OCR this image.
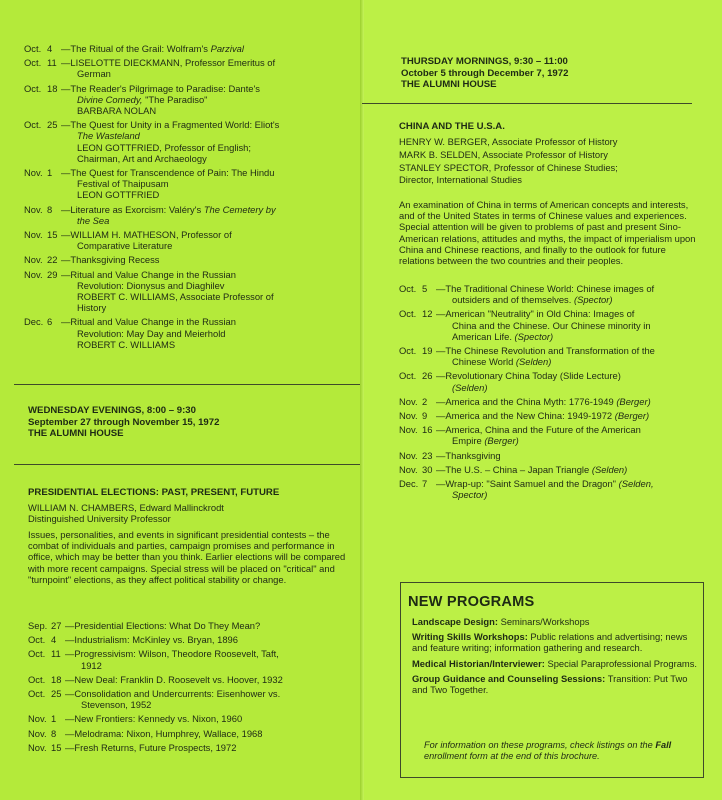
Oct. 4 —The Ritual of the Grail: Wolfram's Parzival
Oct. 11 —LISELOTTE DIECKMANN, Professor Emeritus of
German
Oct. 18 —The Reader's Pilgrimage to Paradise: Dante's
Divine Comedy, "The Paradiso"
BARBARA NOLAN
Oct. 25 —The Quest for Unity in a Fragmented World: Eliot's
The Wasteland
LEON GOTTFRIED, Professor of English;
Chairman, Art and Archaeology
Nov. 1 —The Quest for Transcendence of Pain: The Hindu
Festival of Thaipusam
LEON GOTTFRIED
Nov. 8 —Literature as Exorcism: Valéry's The Cemetery by
the Sea
Nov. 15 —WILLIAM H. MATHESON, Professor of
Comparative Literature
Nov. 22 —Thanksgiving Recess
Nov. 29 —Ritual and Value Change in the Russian
Revolution: Dionysus and Diaghilev
ROBERT C. WILLIAMS, Associate Professor of
History
Dec. 6 —Ritual and Value Change in the Russian
Revolution: May Day and Meierhold
ROBERT C. WILLIAMS
WEDNESDAY EVENINGS, 8:00 – 9:30
September 27 through November 15, 1972
THE ALUMNI HOUSE
PRESIDENTIAL ELECTIONS: PAST, PRESENT, FUTURE
WILLIAM N. CHAMBERS, Edward Mallinckrodt
Distinguished University Professor
Issues, personalities, and events in significant presidential contests – the combat of individuals and parties, campaign promises and performance in office, which may be better than you think. Earlier elections will be compared with more recent campaigns. Special stress will be placed on "critical" and "turnpoint" elections, as they affect political stability or change.
Sep. 27 —Presidential Elections: What Do They Mean?
Oct. 4 —Industrialism: McKinley vs. Bryan, 1896
Oct. 11 —Progressivism: Wilson, Theodore Roosevelt, Taft,
1912
Oct. 18 —New Deal: Franklin D. Roosevelt vs. Hoover, 1932
Oct. 25 —Consolidation and Undercurrents: Eisenhower vs.
Stevenson, 1952
Nov. 1 —New Frontiers: Kennedy vs. Nixon, 1960
Nov. 8 —Melodrama: Nixon, Humphrey, Wallace, 1968
Nov. 15 —Fresh Returns, Future Prospects, 1972
THURSDAY MORNINGS, 9:30 – 11:00
October 5 through December 7, 1972
THE ALUMNI HOUSE
CHINA AND THE U.S.A.
HENRY W. BERGER, Associate Professor of History
MARK B. SELDEN, Associate Professor of History
STANLEY SPECTOR, Professor of Chinese Studies;
Director, International Studies
An examination of China in terms of American concepts and interests, and of the United States in terms of Chinese values and experiences. Special attention will be given to problems of past and present Sino-American relations, attitudes and myths, the impact of imperialism upon China and Chinese reactions, and finally to the outlook for future relations between the two countries and their peoples.
Oct. 5 —The Traditional Chinese World: Chinese images of
outsiders and of themselves. (Spector)
Oct. 12 —American "Neutrality" in Old China: Images of
China and the Chinese. Our Chinese minority in
American Life. (Spector)
Oct. 19 —The Chinese Revolution and Transformation of the
Chinese World (Selden)
Oct. 26 —Revolutionary China Today (Slide Lecture)
(Selden)
Nov. 2 —America and the China Myth: 1776-1949 (Berger)
Nov. 9 —America and the New China: 1949-1972 (Berger)
Nov. 16 —America, China and the Future of the American
Empire (Berger)
Nov. 23 —Thanksgiving
Nov. 30 —The U.S. – China – Japan Triangle (Selden)
Dec. 7 —Wrap-up: "Saint Samuel and the Dragon" (Selden,
Spector)
NEW PROGRAMS
Landscape Design: Seminars/Workshops
Writing Skills Workshops: Public relations and advertising; news and feature writing; information gathering and research.
Medical Historian/Interviewer: Special Paraprofessional Programs.
Group Guidance and Counseling Sessions: Transition: Put Two and Two Together.
For information on these programs, check listings on the Fall enrollment form at the end of this brochure.
